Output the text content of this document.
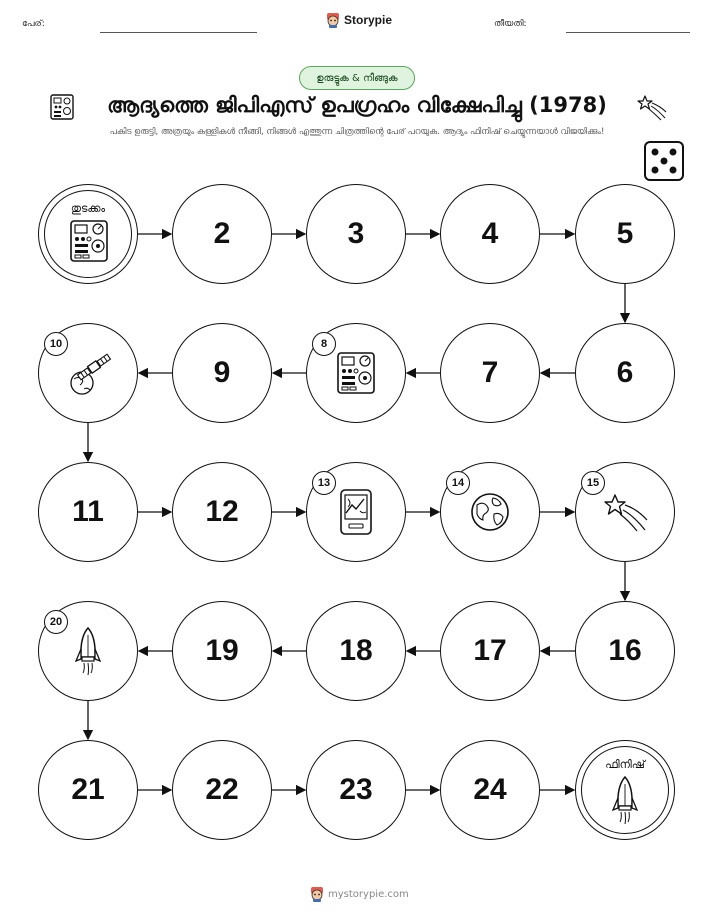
പേര്:	Storypie	തീയതി:
ഉരുട്ടുക & നീങ്ങുക
ആദ്യത്തെ ജിപിഎസ് ഉപഗ്രഹം വിക്ഷേപിച്ചു (1978)
പകിട ഉരുട്ടി, അത്രയും കള്ളികൾ നീങ്ങി, നിങ്ങൾ എത്തുന്ന ചിത്രത്തിന്റെ പേര് പറയുക. ആദ്യം ഫിനിഷ് ചെയ്യുന്നയാൾ വിജയിക്കും!
തുടക്കം
2	3	4	5
6
7
8
9
10
11	12
13	14	15
16
17
18
19
20
21	22	23	24
ഫിനിഷ്
mystorypie.com
